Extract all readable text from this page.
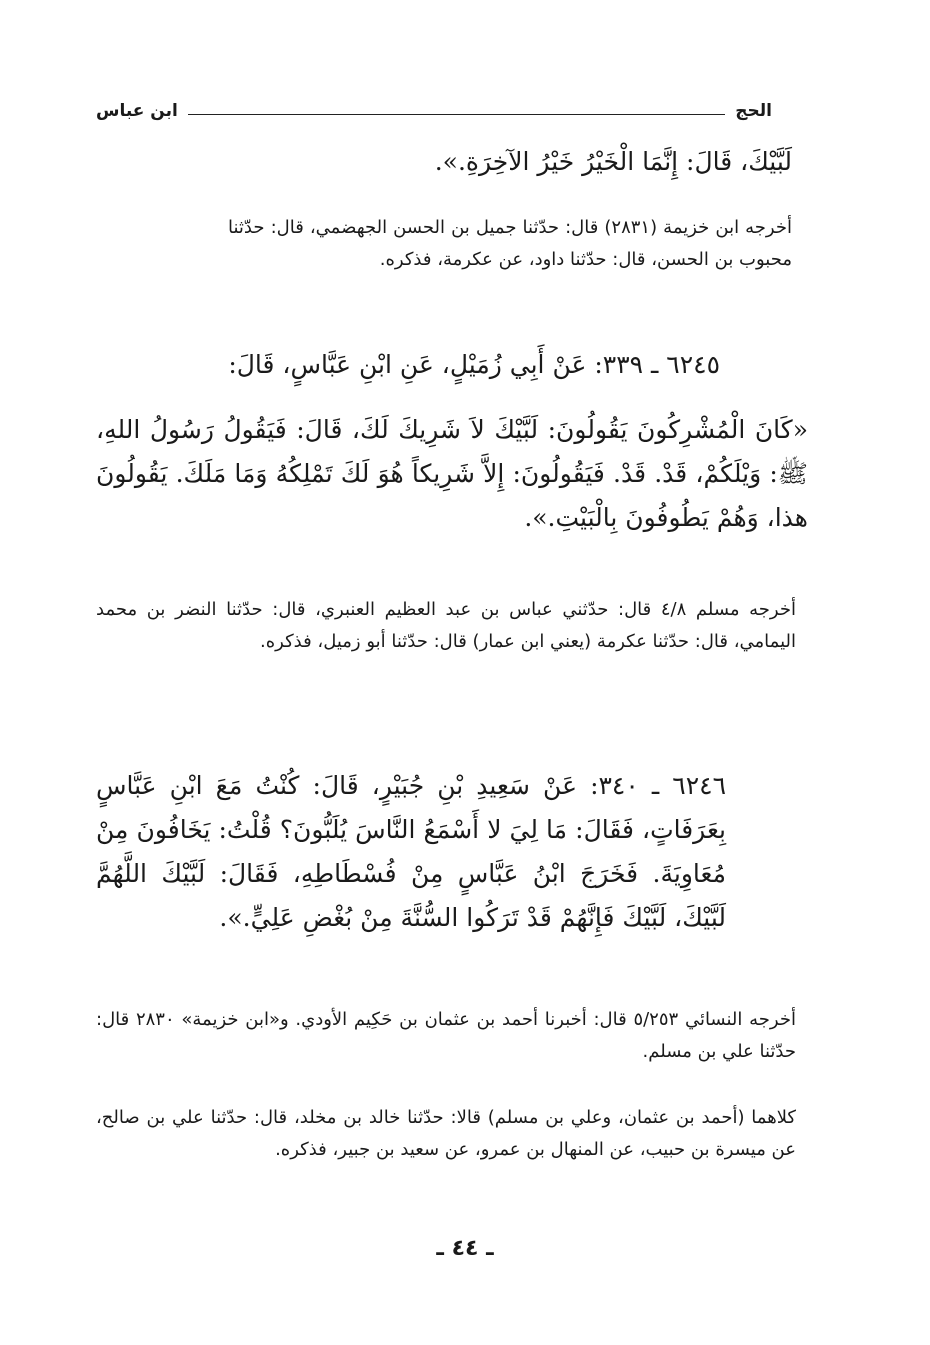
الحج
ابن عباس
لَبَّيْكَ، قَالَ: إِنَّمَا الْخَيْرُ خَيْرُ الآخِرَةِ.».
أخرجه ابن خزيمة (٢٨٣١) قال: حدّثنا جميل بن الحسن الجهضمي، قال: حدّثنا محبوب بن الحسن، قال: حدّثنا داود، عن عكرمة، فذكره.
٦٢٤٥ ـ ٣٣٩: عَنْ أَبِي زُمَيْلٍ، عَنِ ابْنِ عَبَّاسٍ، قَالَ:
«كَانَ الْمُشْرِكُونَ يَقُولُونَ: لَبَّيْكَ لاَ شَرِيكَ لَكَ، قَالَ: فَيَقُولُ رَسُولُ اللهِ، ﷺ: وَيْلَكُمْ، قَدْ. قَدْ. فَيَقُولُونَ: إِلاَّ شَرِيكاً هُوَ لَكَ تَمْلِكُهُ وَمَا مَلَكَ. يَقُولُونَ هذا، وَهُمْ يَطُوفُونَ بِالْبَيْتِ.».
أخرجه مسلم ٤/٨ قال: حدّثني عباس بن عبد العظيم العنبري، قال: حدّثنا النضر بن محمد اليمامي، قال: حدّثنا عكرمة (يعني ابن عمار) قال: حدّثنا أبو زميل، فذكره.
٦٢٤٦ ـ ٣٤٠: عَنْ سَعِيدِ بْنِ جُبَيْرٍ، قَالَ: كُنْتُ مَعَ ابْنِ عَبَّاسٍ بِعَرَفَاتٍ، فَقَالَ: مَا لِيَ لا أَسْمَعُ النَّاسَ يُلَبُّونَ؟ قُلْتُ: يَخَافُونَ مِنْ مُعَاوِيَةَ. فَخَرَجَ ابْنُ عَبَّاسٍ مِنْ فُسْطَاطِهِ، فَقَالَ: لَبَّيْكَ اللَّهُمَّ لَبَّيْكَ، لَبَّيْكَ فَإِنَّهُمْ قَدْ تَرَكُوا السُّنَّةَ مِنْ بُغْضِ عَلِيٍّ.».
أخرجه النسائي ٥/٢٥٣ قال: أخبرنا أحمد بن عثمان بن حَكِيم الأودي. و«ابن خزيمة» ٢٨٣٠ قال: حدّثنا علي بن مسلم.
كلاهما (أحمد بن عثمان، وعلي بن مسلم) قالا: حدّثنا خالد بن مخلد، قال: حدّثنا علي بن صالح، عن ميسرة بن حبيب، عن المنهال بن عمرو، عن سعيد بن جبير، فذكره.
ـ ٤٤ ـ
